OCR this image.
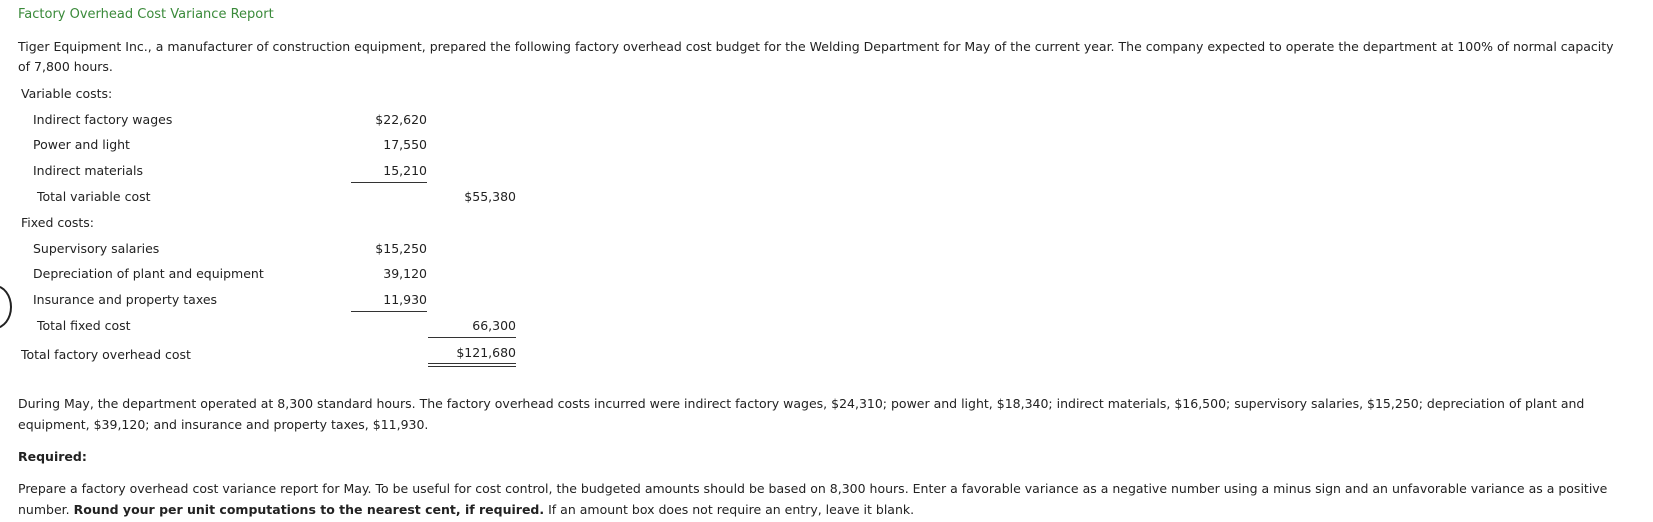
Factory Overhead Cost Variance Report
Tiger Equipment Inc., a manufacturer of construction equipment, prepared the following factory overhead cost budget for the Welding Department for May of the current year. The company expected to operate the department at 100% of normal capacity of 7,800 hours.
Variable costs:
Indirect factory wages	$22,620
Power and light	17,550
Indirect materials	15,210
Total variable cost	$55,380
Fixed costs:
Supervisory salaries	$15,250
Depreciation of plant and equipment	39,120
Insurance and property taxes	11,930
Total fixed cost	66,300
Total factory overhead cost	$121,680
During May, the department operated at 8,300 standard hours. The factory overhead costs incurred were indirect factory wages, $24,310; power and light, $18,340; indirect materials, $16,500; supervisory salaries, $15,250; depreciation of plant and equipment, $39,120; and insurance and property taxes, $11,930.
Required:
Prepare a factory overhead cost variance report for May. To be useful for cost control, the budgeted amounts should be based on 8,300 hours. Enter a favorable variance as a negative number using a minus sign and an unfavorable variance as a positive number. Round your per unit computations to the nearest cent, if required. If an amount box does not require an entry, leave it blank.
